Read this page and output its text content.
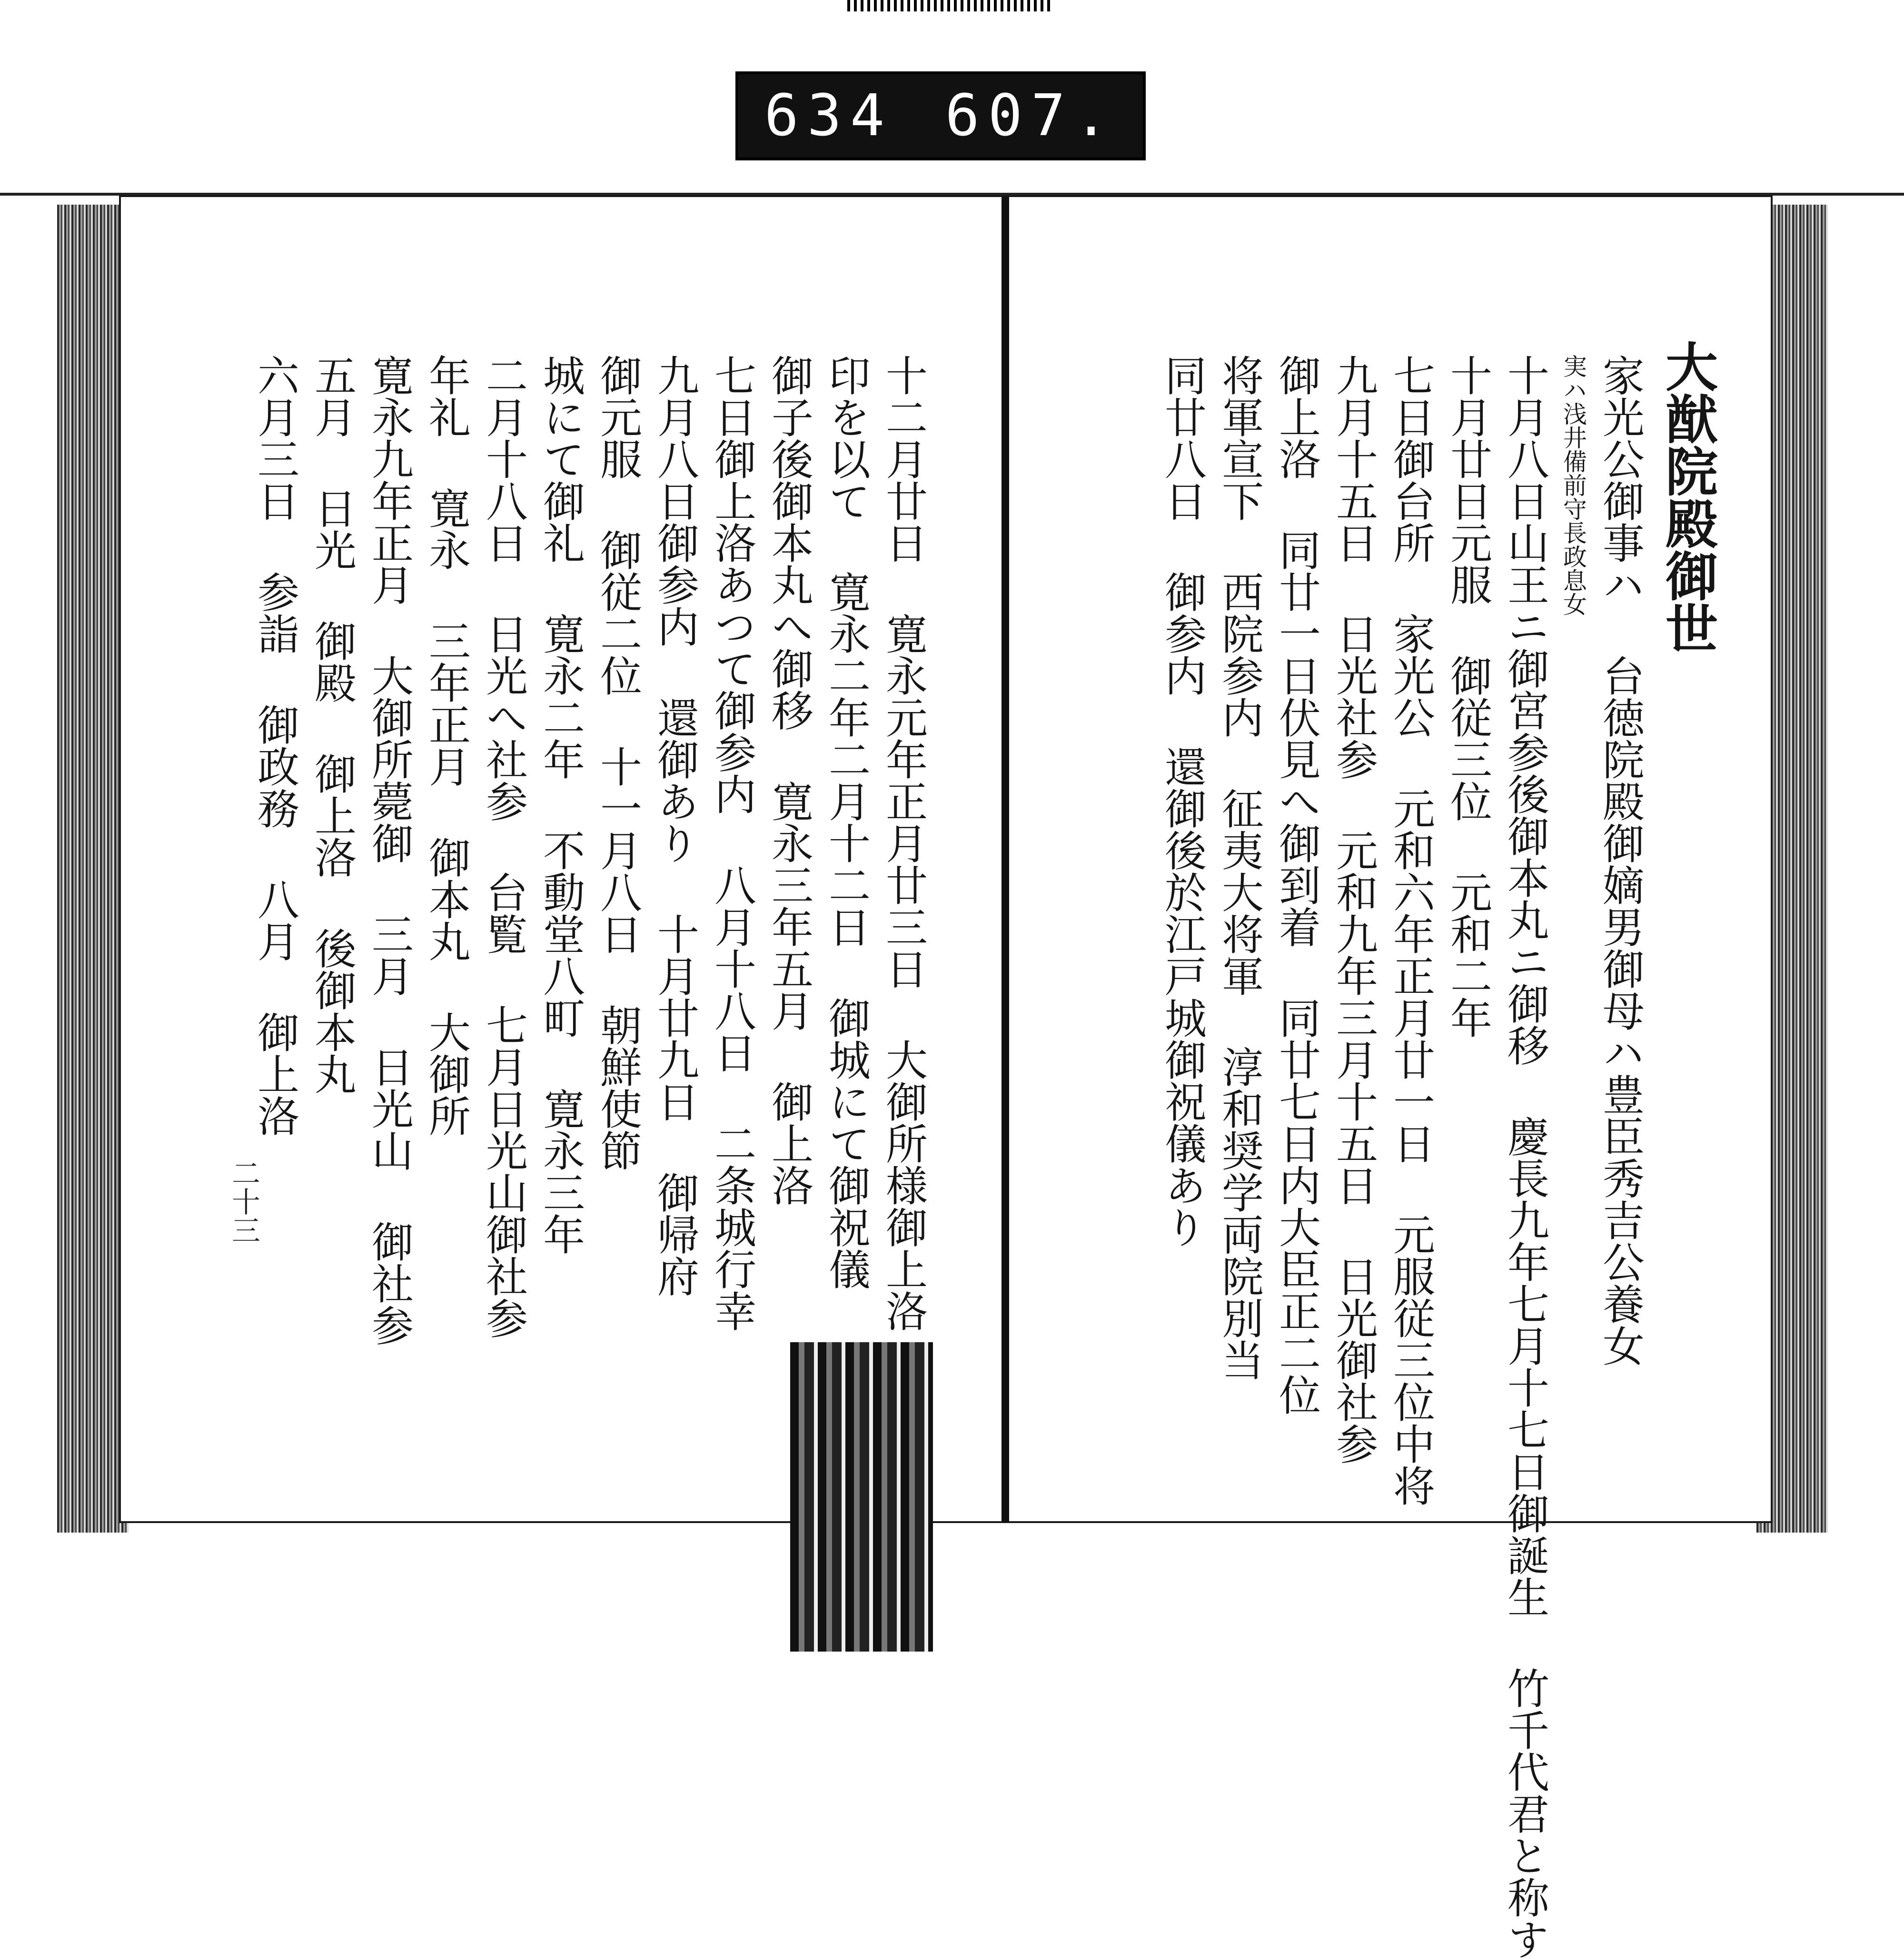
634 607.
十二月廿日 寛永元年正月廿三日 大御所様御上洛
印を以て 寛永二年二月十二日 御城にて御祝儀
御子後御本丸へ御移 寛永三年五月 御上洛
七日御上洛あつて御参内 八月十八日 二条城行幸
九月八日御参内 還御あり 十月廿九日 御帰府
御元服 御従二位 十一月八日 朝鮮使節
城にて御礼 寛永二年 不動堂八町 寛永三年
二月十八日 日光へ社参 台覧 七月日光山御社参
年礼 寛永 三年正月 御本丸 大御所
寛永九年正月 大御所薨御 三月 日光山 御社参
五月 日光 御殿 御上洛 後御本丸
六月三日 参詣 御政務 八月 御上洛
二十三
大猷院殿御世
家光公御事ハ 台徳院殿御嫡男御母ハ豊臣秀吉公養女
実ハ浅井備前守長政息女
十月八日山王ニ御宮参後御本丸ニ御移 慶長九年七月十七日御誕生 竹千代君と称す
十月廿日元服 御従三位 元和二年
七日御台所 家光公 元和六年正月廿一日 元服従三位中将
九月十五日 日光社参 元和九年三月十五日 日光御社参
御上洛 同廿一日伏見へ御到着 同廿七日内大臣正二位
将軍宣下 西院参内 征夷大将軍 淳和奨学両院別当
同廿八日 御参内 還御後於江戸城御祝儀あり
